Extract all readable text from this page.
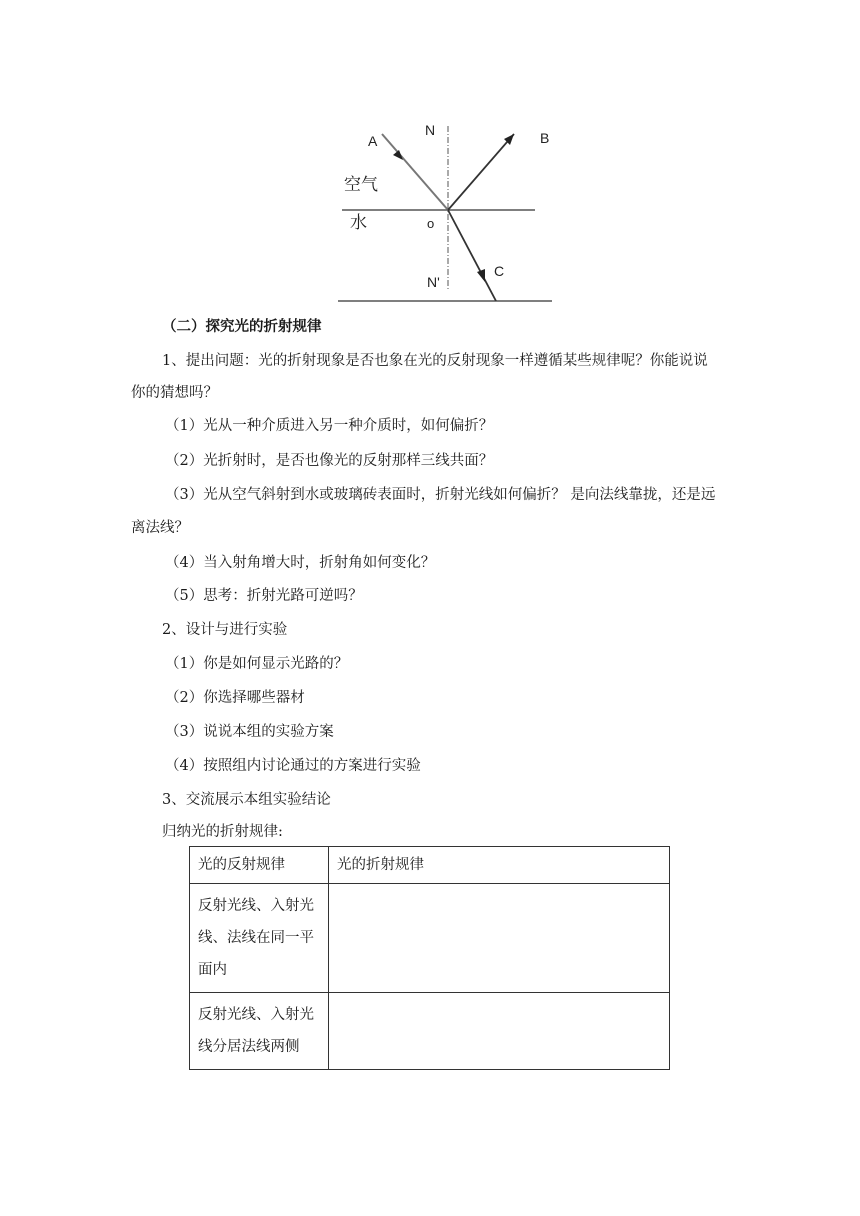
A
N	B
空气
水	o
N'
C
（二）探究光的折射规律
1、提出问题：光的折射现象是否也象在光的反射现象一样遵循某些规律呢？你能说说
你的猜想吗？
（1）光从一种介质进入另一种介质时，如何偏折？
（2）光折射时，是否也像光的反射那样三线共面？
（3）光从空气斜射到水或玻璃砖表面时，折射光线如何偏折？ 是向法线靠拢，还是远
离法线？
（4）当入射角增大时，折射角如何变化？
（5）思考：折射光路可逆吗？
2、设计与进行实验
（1）你是如何显示光路的？
（2）你选择哪些器材
（3）说说本组的实验方案
（4）按照组内讨论通过的方案进行实验
3、交流展示本组实验结论
归纳光的折射规律:
光的反射规律	光的折射规律
反射光线、入射光线、法线在同一平面内	
反射光线、入射光线分居法线两侧	
